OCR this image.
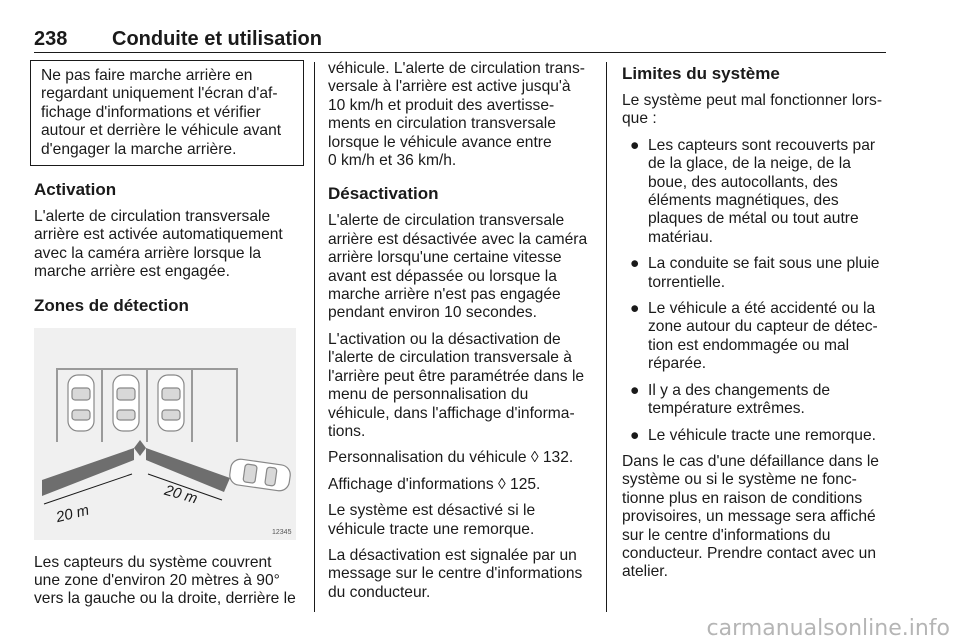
238 Conduite et utilisation

Ne pas faire marche arrière en

regardant uniquement l'écran d'af-

fichage d'informations et vérifier

autour et derrière le véhicule avant

d'engager la marche arrière.

Activation

L'alerte de circulation transversale

arrière est activée automatiquement

avec la caméra arrière lorsque la

marche arrière est engagée.

Zones de détection
20 m
20 m
12345

Les capteurs du système couvrent

une zone d'environ 20 mètres à 90°

vers la gauche ou la droite, derrière le

véhicule. L'alerte de circulation trans-

versale à l'arrière est active jusqu'à

10 km/h et produit des avertisse-

ments en circulation transversale

lorsque le véhicule avance entre

0 km/h et 36 km/h.

Désactivation

L'alerte de circulation transversale

arrière est désactivée avec la caméra

arrière lorsqu'une certaine vitesse

avant est dépassée ou lorsque la

marche arrière n'est pas engagée

pendant environ 10 secondes.

L'activation ou la désactivation de

l'alerte de circulation transversale à

l'arrière peut être paramétrée dans le

menu de personnalisation du

véhicule, dans l'affichage d'informa-

tions.

Personnalisation du véhicule ◊ 132.

Affichage d'informations ◊ 125.

Le système est désactivé si le

véhicule tracte une remorque.

La désactivation est signalée par un

message sur le centre d'informations

du conducteur.

Limites du système

Le système peut mal fonctionner lors-

que :

● Les capteurs sont recouverts par

de la glace, de la neige, de la

boue, des autocollants, des

éléments magnétiques, des

plaques de métal ou tout autre

matériau.

● La conduite se fait sous une pluie

torrentielle.

● Le véhicule a été accidenté ou la

zone autour du capteur de détec-

tion est endommagée ou mal

réparée.

● Il y a des changements de

température extrêmes.

● Le véhicule tracte une remorque.

Dans le cas d'une défaillance dans le

système ou si le système ne fonc-

tionne plus en raison de conditions

provisoires, un message sera affiché

sur le centre d'informations du

conducteur. Prendre contact avec un

atelier.

carmanualsonline.info
